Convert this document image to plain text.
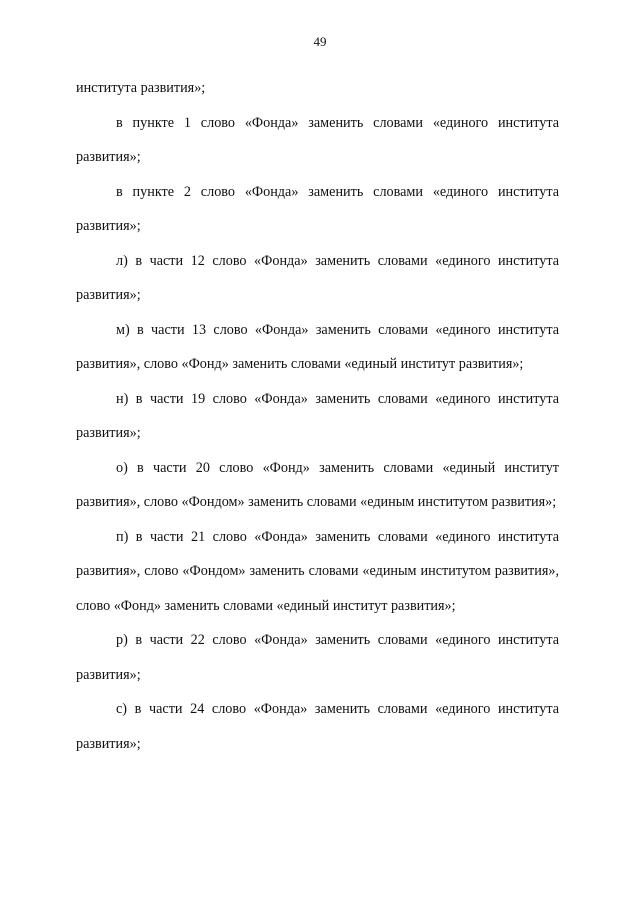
49

института развития»;

в пункте 1 слово «Фонда» заменить словами «единого института развития»;

в пункте 2 слово «Фонда» заменить словами «единого института развития»;

л) в части 12 слово «Фонда» заменить словами «единого института развития»;

м) в части 13 слово «Фонда» заменить словами «единого института развития», слово «Фонд» заменить словами «единый институт развития»;

н) в части 19 слово «Фонда» заменить словами «единого института развития»;

о) в части 20 слово «Фонд» заменить словами «единый институт развития», слово «Фондом» заменить словами «единым институтом развития»;

п) в части 21 слово «Фонда» заменить словами «единого института развития», слово «Фондом» заменить словами «единым институтом развития», слово «Фонд» заменить словами «единый институт развития»;

р) в части 22 слово «Фонда» заменить словами «единого института развития»;

с) в части 24 слово «Фонда» заменить словами «единого института развития»;
